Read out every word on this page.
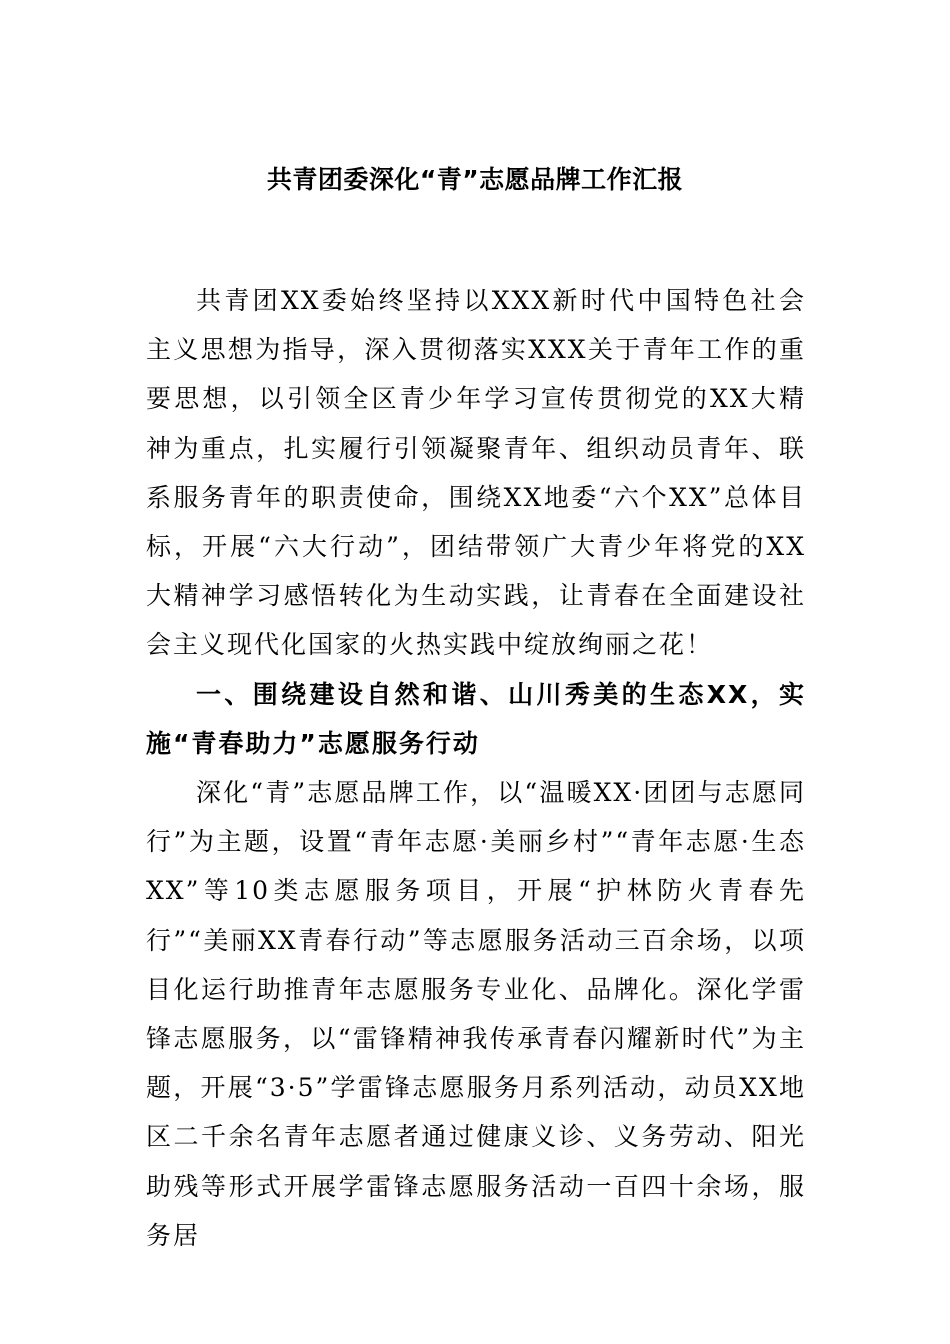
共青团委深化“青”志愿品牌工作汇报

共青团XX委始终坚持以XXX新时代中国特色社会主义思想为指导，深入贯彻落实XXX关于青年工作的重要思想，以引领全区青少年学习宣传贯彻党的XX大精神为重点，扎实履行引领凝聚青年、组织动员青年、联系服务青年的职责使命，围绕XX地委“六个XX”总体目标，开展“六大行动”，团结带领广大青少年将党的XX大精神学习感悟转化为生动实践，让青春在全面建设社会主义现代化国家的火热实践中绽放绚丽之花！

一、围绕建设自然和谐、山川秀美的生态XX，实施“青春助力”志愿服务行动

深化“青”志愿品牌工作，以“温暖XX·团团与志愿同行”为主题，设置“青年志愿·美丽乡村”“青年志愿·生态XX”等10类志愿服务项目，开展“护林防火青春先行”“美丽XX青春行动”等志愿服务活动三百余场，以项目化运行助推青年志愿服务专业化、品牌化。深化学雷锋志愿服务，以“雷锋精神我传承青春闪耀新时代”为主题，开展“3·5”学雷锋志愿服务月系列活动，动员XX地区二千余名青年志愿者通过健康义诊、义务劳动、阳光助残等形式开展学雷锋志愿服务活动一百四十余场，服务居
